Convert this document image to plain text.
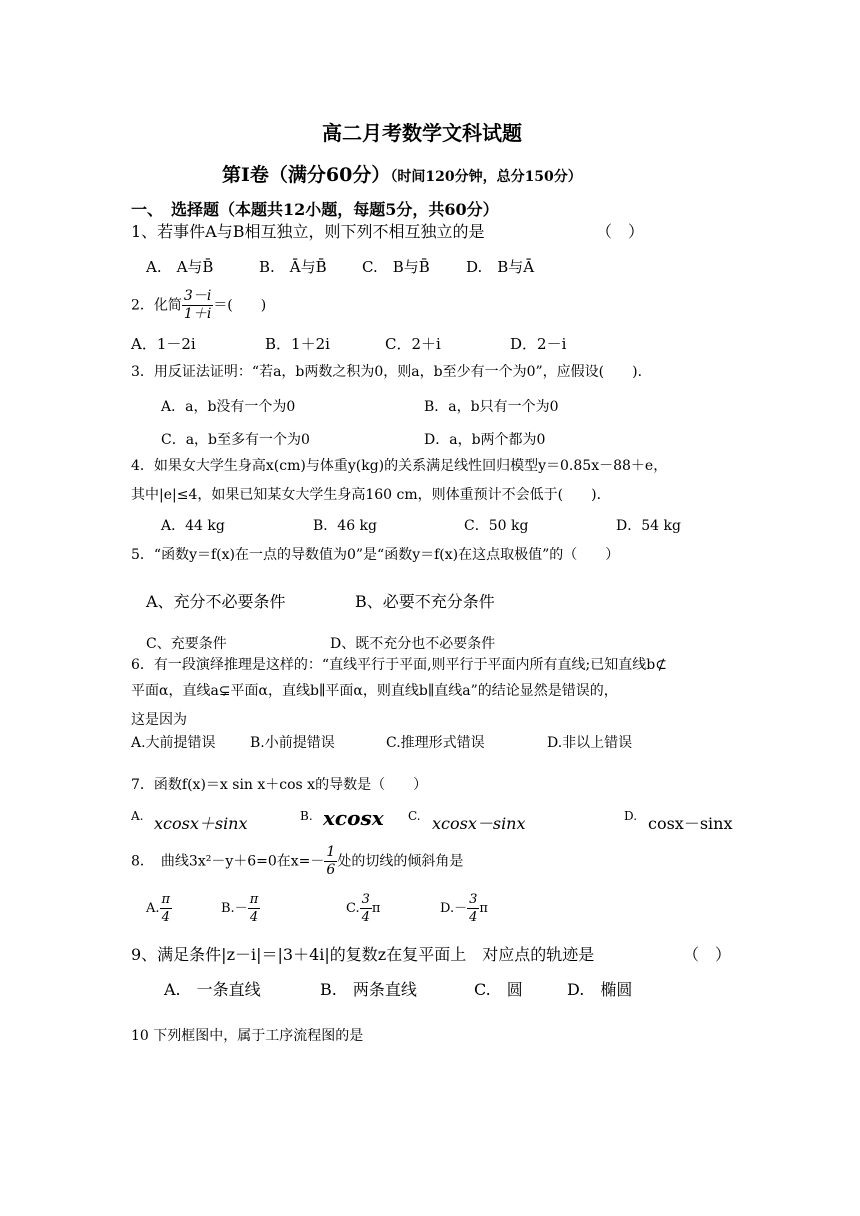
高二月考数学文科试题
第Ⅰ卷（满分60分）（时间120分钟，总分150分）
一、　选择题（本题共12小题，每题5分，共60分）
1、若事件A与B相互独立，则下列不相互独立的是	（　）
A.　A与B̄	B.　Ā与B̄ C.　B与B̄ D.　B与Ā
2．化简 $\frac{3-i}{1+i}$ ＝(　　)
A．1－2i	B．1＋2i	C．2＋i	D．2－i
3．用反证法证明：“若a，b两数之积为0，则a，b至少有一个为0”，应假设(　　)．
A．a，b没有一个为0	B．a，b只有一个为0
C．a，b至多有一个为0	D．a，b两个都为0
4．如果女大学生身高x(cm)与体重y(kg)的关系满足线性回归模型y＝0.85x－88＋e，
其中|e|≤4，如果已知某女大学生身高160 cm，则体重预计不会低于(　　)．
A．44 kg	B．46 kg	C．50 kg	D．54 kg
5．“函数y＝f(x)在一点的导数值为0”是“函数y＝f(x)在这点取极值”的（　　）
A、充分不必要条件	B、必要不充分条件
C、充要条件	D、既不充分也不必要条件
6．有一段演绎推理是这样的：“直线平行于平面,则平行于平面内所有直线;已知直线b⊄
平面α，直线a⊊平面α，直线b∥平面α，则直线b∥直线a”的结论显然是错误的，
这是因为
A.大前提错误 B.小前提错误	C.推理形式错误	D.非以上错误
7．函数f(x)＝x sin x＋cos x的导数是（　　）
A. xcosx＋sinx	B. xcosx C. xcosx－sinx	D. cosx－sinx
8．　曲线3x²－y＋6=0在$x=- \frac{1}{6}$ 处的切线的倾斜角是
A. $\frac{\pi}{4}$	$B.- \frac{\pi}{4}$	C. $\frac{3}{4}$ π	$D.- \frac{3}{4}$ π
9、满足条件|z－i|＝|3＋4i|的复数z在复平面上　对应点的轨迹是	（　）
A.　一条直线	B.　两条直线	C.　圆	D.　椭圆
10 下列框图中，属于工序流程图的是
